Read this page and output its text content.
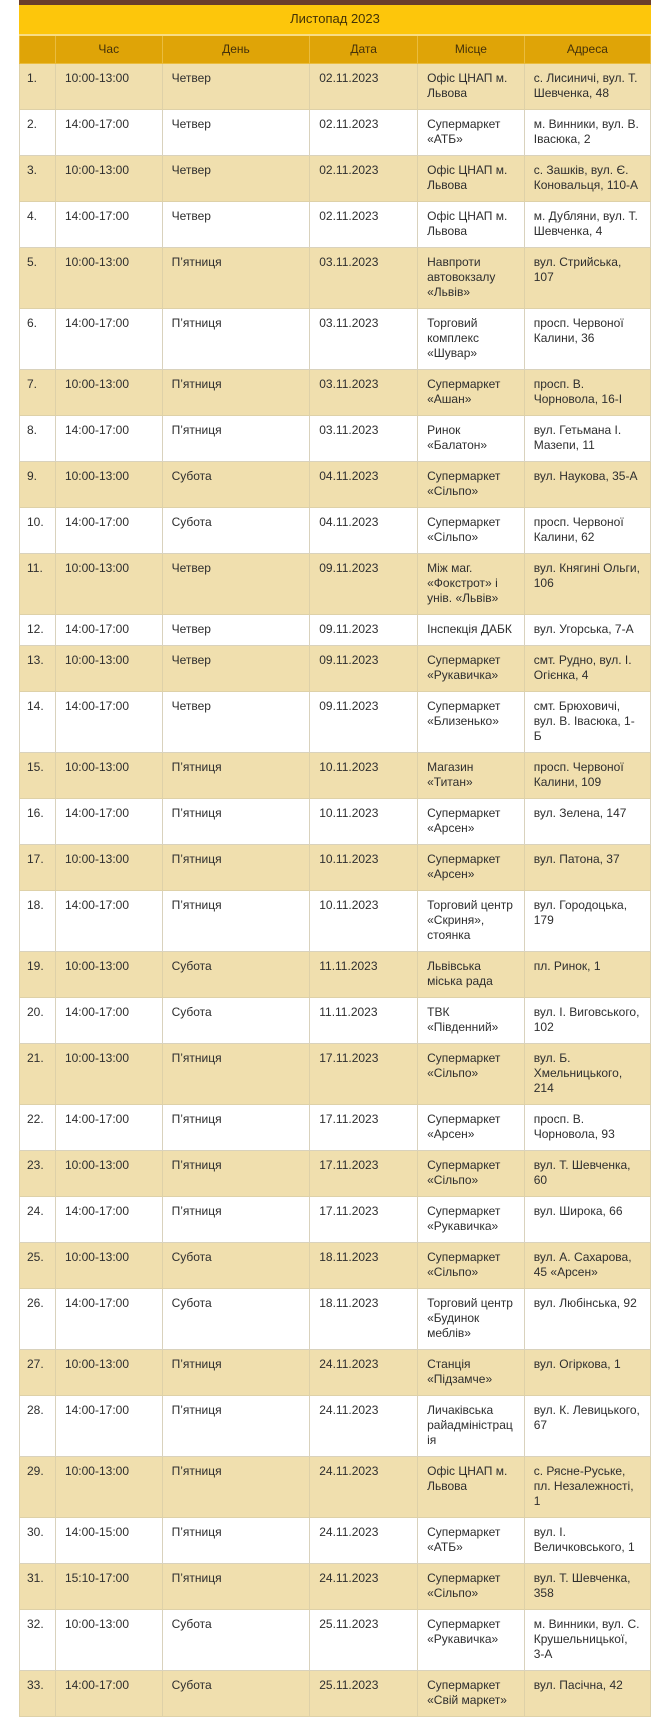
Листопад 2023
	Час	День	Дата	Місце	Адреса
1.	10:00-13:00	Четвер	02.11.2023	Офіс ЦНАП м. Львова	с. Лисиничі, вул. Т. Шевченка, 48
2.	14:00-17:00	Четвер	02.11.2023	Супермаркет «АТБ»	м. Винники, вул. В. Івасюка, 2
3.	10:00-13:00	Четвер	02.11.2023	Офіс ЦНАП м. Львова	с. Зашків, вул. Є. Коновальця, 110-А
4.	14:00-17:00	Четвер	02.11.2023	Офіс ЦНАП м. Львова	м. Дубляни, вул. Т. Шевченка, 4
5.	10:00-13:00	П’ятниця	03.11.2023	Навпроти автовокзалу «Львів»	вул. Стрийська, 107
6.	14:00-17:00	П’ятниця	03.11.2023	Торговий комплекс «Шувар»	просп. Червоної Калини, 36
7.	10:00-13:00	П’ятниця	03.11.2023	Супермаркет «Ашан»	просп. В. Чорновола, 16-І
8.	14:00-17:00	П’ятниця	03.11.2023	Ринок «Балатон»	вул. Гетьмана І. Мазепи, 11
9.	10:00-13:00	Субота	04.11.2023	Супермаркет «Сільпо»	вул. Наукова, 35-А
10.	14:00-17:00	Субота	04.11.2023	Супермаркет «Сільпо»	просп. Червоної Калини, 62
11.	10:00-13:00	Четвер	09.11.2023	Між маг. «Фокстрот» і унів. «Львів»	вул. Княгині Ольги, 106
12.	14:00-17:00	Четвер	09.11.2023	Інспекція ДАБК	вул. Угорська, 7-А
13.	10:00-13:00	Четвер	09.11.2023	Супермаркет «Рукавичка»	смт. Рудно, вул. І. Огієнка, 4
14.	14:00-17:00	Четвер	09.11.2023	Супермаркет «Близенько»	смт. Брюховичі, вул. В. Івасюка, 1-Б
15.	10:00-13:00	П’ятниця	10.11.2023	Магазин «Титан»	просп. Червоної Калини, 109
16.	14:00-17:00	П’ятниця	10.11.2023	Супермаркет «Арсен»	вул. Зелена, 147
17.	10:00-13:00	П’ятниця	10.11.2023	Супермаркет «Арсен»	вул. Патона, 37
18.	14:00-17:00	П’ятниця	10.11.2023	Торговий центр «Скриня», стоянка	вул. Городоцька, 179
19.	10:00-13:00	Субота	11.11.2023	Львівська міська рада	пл. Ринок, 1
20.	14:00-17:00	Субота	11.11.2023	ТВК «Південний»	вул. І. Виговського, 102
21.	10:00-13:00	П’ятниця	17.11.2023	Супермаркет «Сільпо»	вул. Б. Хмельницького, 214
22.	14:00-17:00	П’ятниця	17.11.2023	Супермаркет «Арсен»	просп. В. Чорновола, 93
23.	10:00-13:00	П’ятниця	17.11.2023	Супермаркет «Сільпо»	вул. Т. Шевченка, 60
24.	14:00-17:00	П’ятниця	17.11.2023	Супермаркет «Рукавичка»	вул. Широка, 66
25.	10:00-13:00	Субота	18.11.2023	Супермаркет «Сільпо»	вул. А. Сахарова, 45 «Арсен»
26.	14:00-17:00	Субота	18.11.2023	Торговий центр «Будинок меблів»	вул. Любінська, 92
27.	10:00-13:00	П’ятниця	24.11.2023	Станція «Підзамче»	вул. Огіркова, 1
28.	14:00-17:00	П’ятниця	24.11.2023	Личаківська райадміністрація	вул. К. Левицького, 67
29.	10:00-13:00	П’ятниця	24.11.2023	Офіс ЦНАП м. Львова	с. Рясне-Руське, пл. Незалежності, 1
30.	14:00-15:00	П’ятниця	24.11.2023	Супермаркет «АТБ»	вул. І. Величковського, 1
31.	15:10-17:00	П’ятниця	24.11.2023	Супермаркет «Сільпо»	вул. Т. Шевченка, 358
32.	10:00-13:00	Субота	25.11.2023	Супермаркет «Рукавичка»	м. Винники, вул. С. Крушельницької, 3-А
33.	14:00-17:00	Субота	25.11.2023	Супермаркет «Свій маркет»	вул. Пасічна, 42
